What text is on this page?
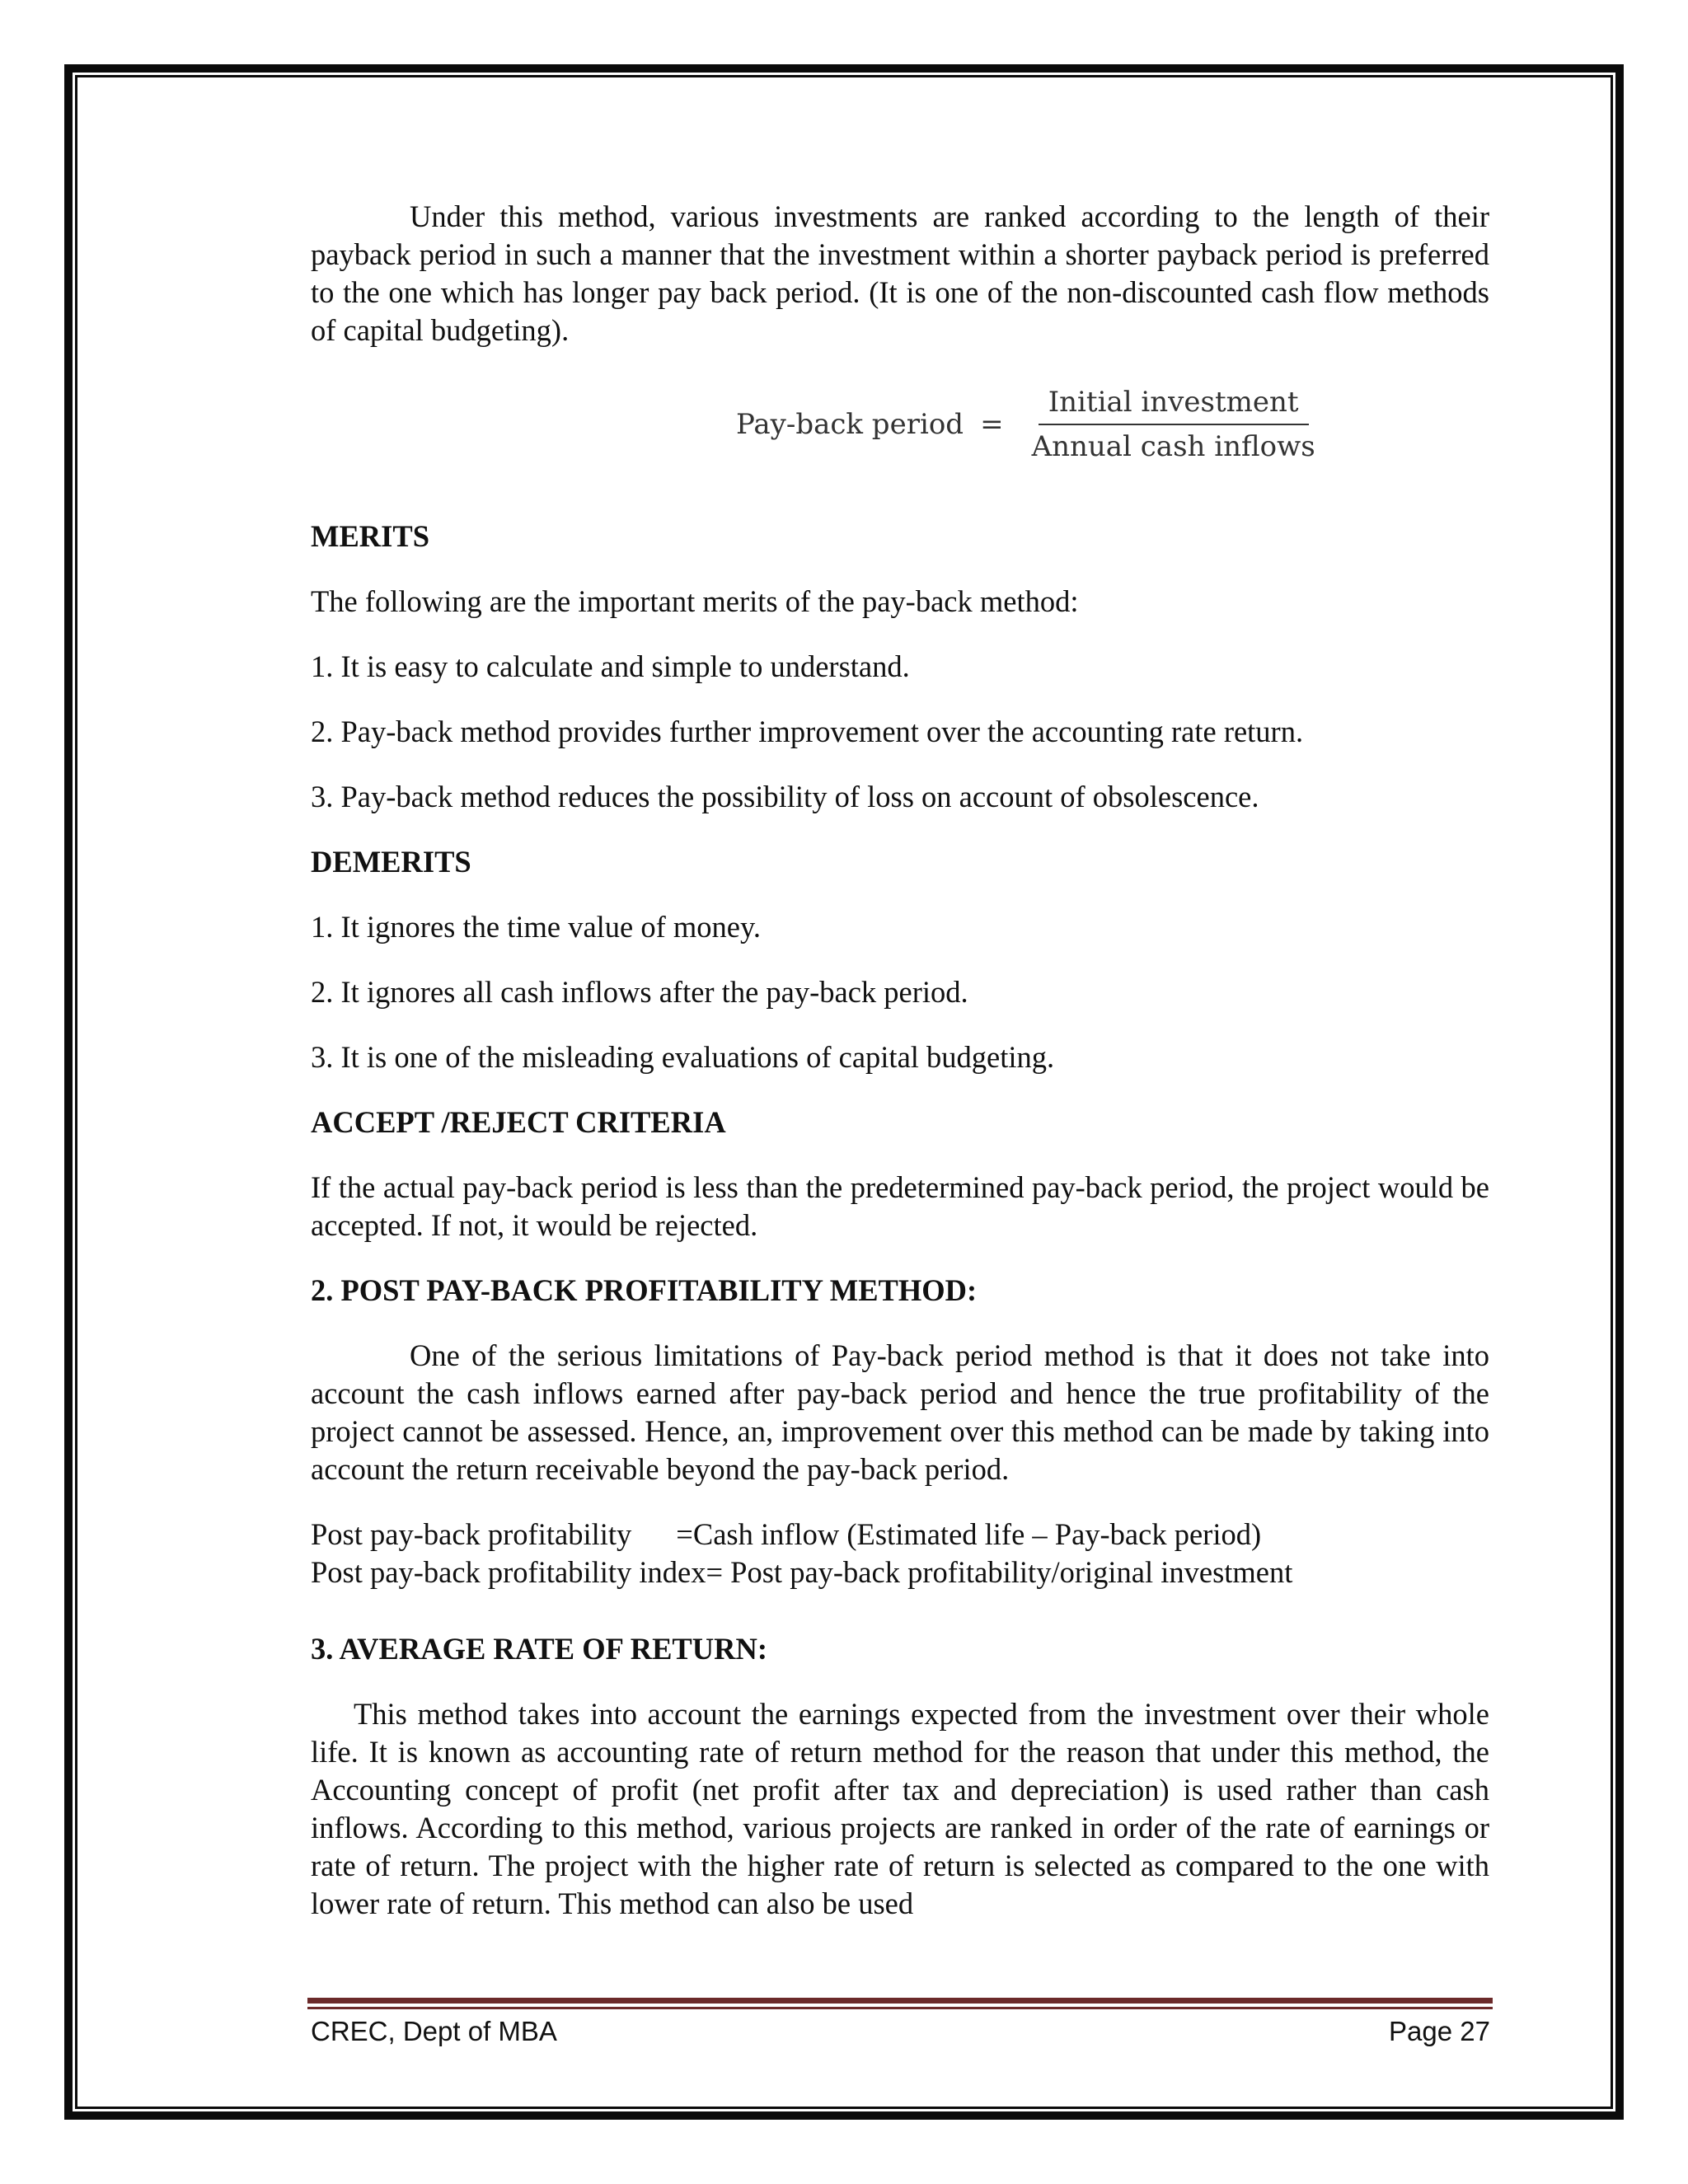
Under this method, various investments are ranked according to the length of their payback period in such a manner that the investment within a shorter payback period is preferred to the one which has longer pay back period. (It is one of the non-discounted cash flow methods of capital budgeting).

MERITS

The following are the important merits of the pay-back method:

1. It is easy to calculate and simple to understand.

2. Pay-back method provides further improvement over the accounting rate return.

3. Pay-back method reduces the possibility of loss on account of obsolescence.

DEMERITS

1. It ignores the time value of money.

2. It ignores all cash inflows after the pay-back period.

3. It is one of the misleading evaluations of capital budgeting.

ACCEPT /REJECT CRITERIA

If the actual pay-back period is less than the predetermined pay-back period, the project would be accepted. If not, it would be rejected.

2. POST PAY-BACK PROFITABILITY METHOD:

One of the serious limitations of Pay-back period method is that it does not take into account the cash inflows earned after pay-back period and hence the true profitability of the project cannot be assessed. Hence, an, improvement over this method can be made by taking into account the return receivable beyond the pay-back period.

Post pay-back profitability =Cash inflow (Estimated life – Pay-back period)

Post pay-back profitability index= Post pay-back profitability/original investment

3. AVERAGE RATE OF RETURN:

This method takes into account the earnings expected from the investment over their whole life. It is known as accounting rate of return method for the reason that under this method, the Accounting concept of profit (net profit after tax and depreciation) is used rather than cash inflows. According to this method, various projects are ranked in order of the rate of earnings or rate of return. The project with the higher rate of return is selected as compared to the one with lower rate of return. This method can also be used

Pay-back period = $\frac{\text{Initial investment}}{\text{Annual cash inflows}}$
CREC, Dept of MBA	Page 27
